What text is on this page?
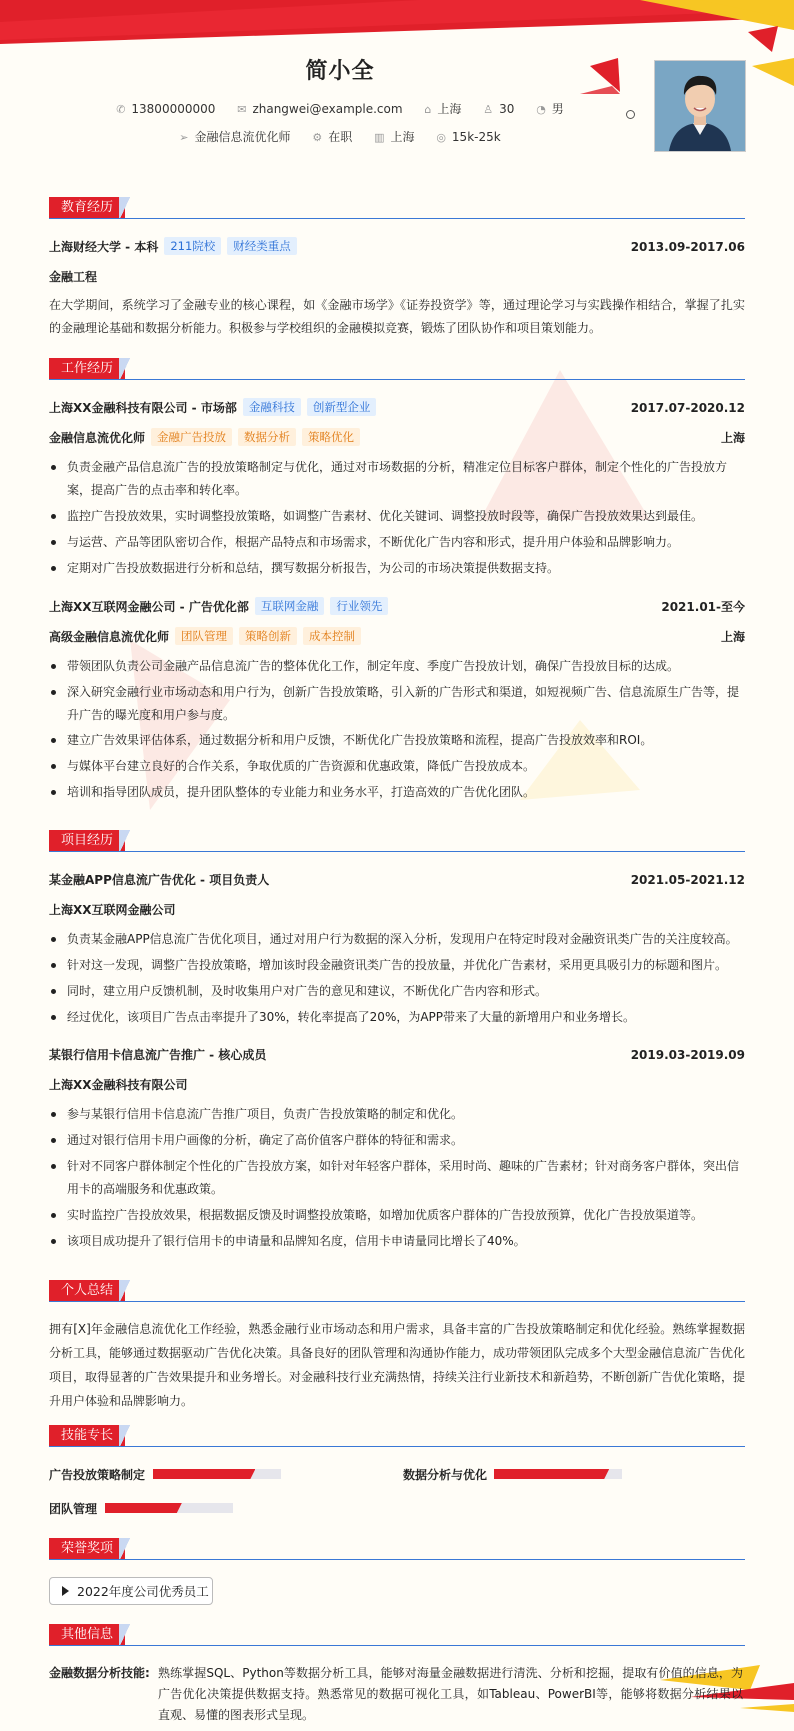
简小全
✆ 13800000000 ✉ zhangwei@example.com ⌂ 上海 ♙ 30 ◔ 男
➢ 金融信息流优化师 ⚙ 在职 ▥ 上海 ◎ 15k-25k
教育经历
上海财经大学 - 本科 211院校 财经类重点	2013.09-2017.06
金融工程
在大学期间，系统学习了金融专业的核心课程，如《金融市场学》《证券投资学》等，通过理论学习与实践操作相结合，掌握了扎实的金融理论基础和数据分析能力。积极参与学校组织的金融模拟竞赛，锻炼了团队协作和项目策划能力。
工作经历
上海XX金融科技有限公司 - 市场部 金融科技 创新型企业	2017.07-2020.12
金融信息流优化师 金融广告投放 数据分析 策略优化	上海
负责金融产品信息流广告的投放策略制定与优化，通过对市场数据的分析，精准定位目标客户群体，制定个性化的广告投放方案，提高广告的点击率和转化率。
监控广告投放效果，实时调整投放策略，如调整广告素材、优化关键词、调整投放时段等，确保广告投放效果达到最佳。
与运营、产品等团队密切合作，根据产品特点和市场需求，不断优化广告内容和形式，提升用户体验和品牌影响力。
定期对广告投放数据进行分析和总结，撰写数据分析报告，为公司的市场决策提供数据支持。
上海XX互联网金融公司 - 广告优化部 互联网金融 行业领先	2021.01-至今
高级金融信息流优化师 团队管理 策略创新 成本控制	上海
带领团队负责公司金融产品信息流广告的整体优化工作，制定年度、季度广告投放计划，确保广告投放目标的达成。
深入研究金融行业市场动态和用户行为，创新广告投放策略，引入新的广告形式和渠道，如短视频广告、信息流原生广告等，提升广告的曝光度和用户参与度。
建立广告效果评估体系，通过数据分析和用户反馈，不断优化广告投放策略和流程，提高广告投放效率和ROI。
与媒体平台建立良好的合作关系，争取优质的广告资源和优惠政策，降低广告投放成本。
培训和指导团队成员，提升团队整体的专业能力和业务水平，打造高效的广告优化团队。
项目经历
某金融APP信息流广告优化 - 项目负责人	2021.05-2021.12
上海XX互联网金融公司
负责某金融APP信息流广告优化项目，通过对用户行为数据的深入分析，发现用户在特定时段对金融资讯类广告的关注度较高。
针对这一发现，调整广告投放策略，增加该时段金融资讯类广告的投放量，并优化广告素材，采用更具吸引力的标题和图片。
同时，建立用户反馈机制，及时收集用户对广告的意见和建议，不断优化广告内容和形式。
经过优化，该项目广告点击率提升了30%，转化率提高了20%，为APP带来了大量的新增用户和业务增长。
某银行信用卡信息流广告推广 - 核心成员	2019.03-2019.09
上海XX金融科技有限公司
参与某银行信用卡信息流广告推广项目，负责广告投放策略的制定和优化。
通过对银行信用卡用户画像的分析，确定了高价值客户群体的特征和需求。
针对不同客户群体制定个性化的广告投放方案，如针对年轻客户群体，采用时尚、趣味的广告素材；针对商务客户群体，突出信用卡的高端服务和优惠政策。
实时监控广告投放效果，根据数据反馈及时调整投放策略，如增加优质客户群体的广告投放预算，优化广告投放渠道等。
该项目成功提升了银行信用卡的申请量和品牌知名度，信用卡申请量同比增长了40%。
个人总结
拥有[X]年金融信息流优化工作经验，熟悉金融行业市场动态和用户需求，具备丰富的广告投放策略制定和优化经验。熟练掌握数据分析工具，能够通过数据驱动广告优化决策。具备良好的团队管理和沟通协作能力，成功带领团队完成多个大型金融信息流广告优化项目，取得显著的广告效果提升和业务增长。对金融科技行业充满热情，持续关注行业新技术和新趋势，不断创新广告优化策略，提升用户体验和品牌影响力。
技能专长
广告投放策略制定	数据分析与优化
团队管理
荣誉奖项
2022年度公司优秀员工
其他信息
金融数据分析技能: 熟练掌握SQL、Python等数据分析工具，能够对海量金融数据进行清洗、分析和挖掘，提取有价值的信息，为广告优化决策提供数据支持。熟悉常见的数据可视化工具，如Tableau、PowerBI等，能够将数据分析结果以直观、易懂的图表形式呈现。
